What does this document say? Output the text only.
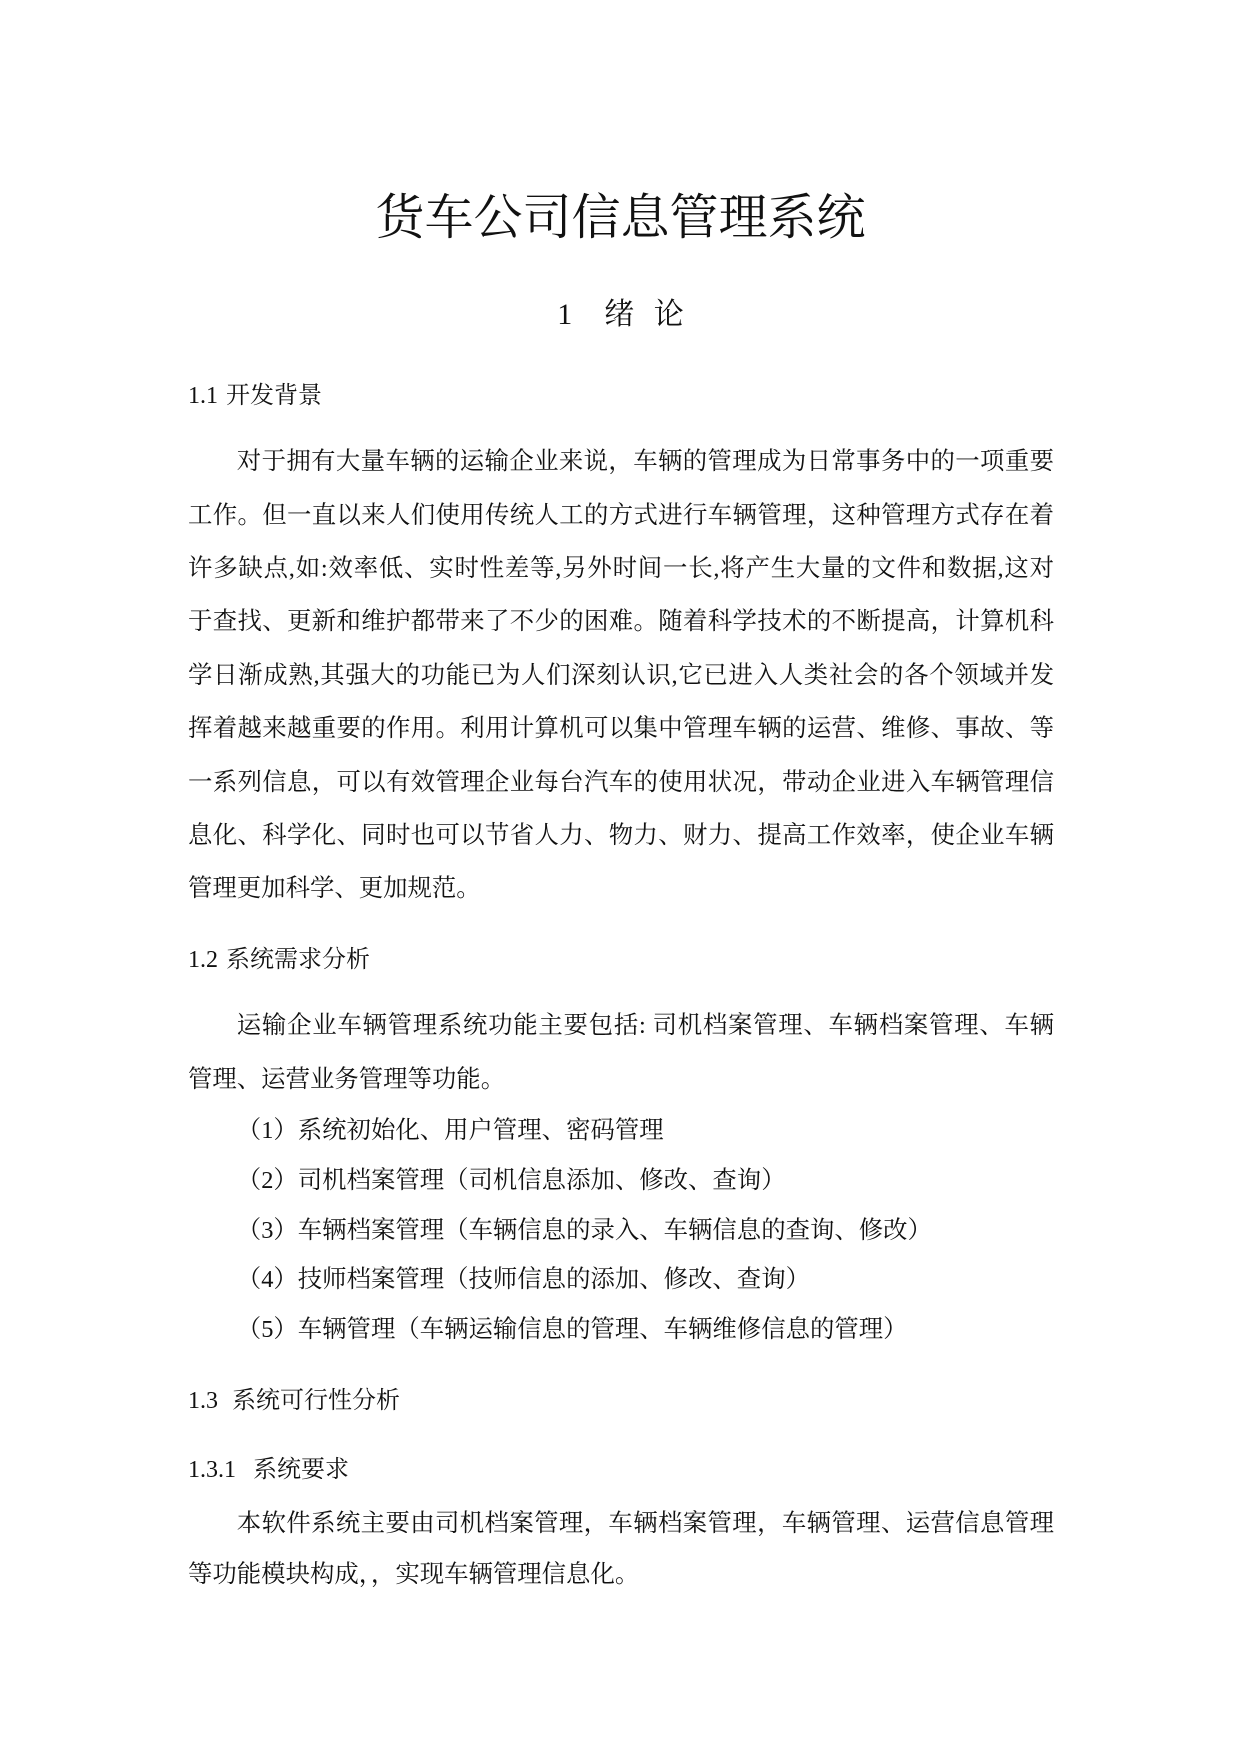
货车公司信息管理系统
1 绪 论
1.1 开发背景
对于拥有大量车辆的运输企业来说，车辆的管理成为日常事务中的一项重要
工作。但一直以来人们使用传统人工的方式进行车辆管理，这种管理方式存在着
许多缺点,如:效率低、实时性差等,另外时间一长,将产生大量的文件和数据,这对
于查找、更新和维护都带来了不少的困难。随着科学技术的不断提高，计算机科
学日渐成熟,其强大的功能已为人们深刻认识,它已进入人类社会的各个领域并发
挥着越来越重要的作用。利用计算机可以集中管理车辆的运营、维修、事故、等
一系列信息，可以有效管理企业每台汽车的使用状况，带动企业进入车辆管理信
息化、科学化、同时也可以节省人力、物力、财力、提高工作效率，使企业车辆
管理更加科学、更加规范。
1.2 系统需求分析
运输企业车辆管理系统功能主要包括: 司机档案管理、车辆档案管理、车辆
管理、运营业务管理等功能。
（1）系统初始化、用户管理、密码管理
（2）司机档案管理（司机信息添加、修改、查询）
（3）车辆档案管理（车辆信息的录入、车辆信息的查询、修改）
（4）技师档案管理（技师信息的添加、修改、查询）
（5）车辆管理（车辆运输信息的管理、车辆维修信息的管理）
1.3 系统可行性分析
1.3.1 系统要求
本软件系统主要由司机档案管理，车辆档案管理，车辆管理、运营信息管理
等功能模块构成，，实现车辆管理信息化。
